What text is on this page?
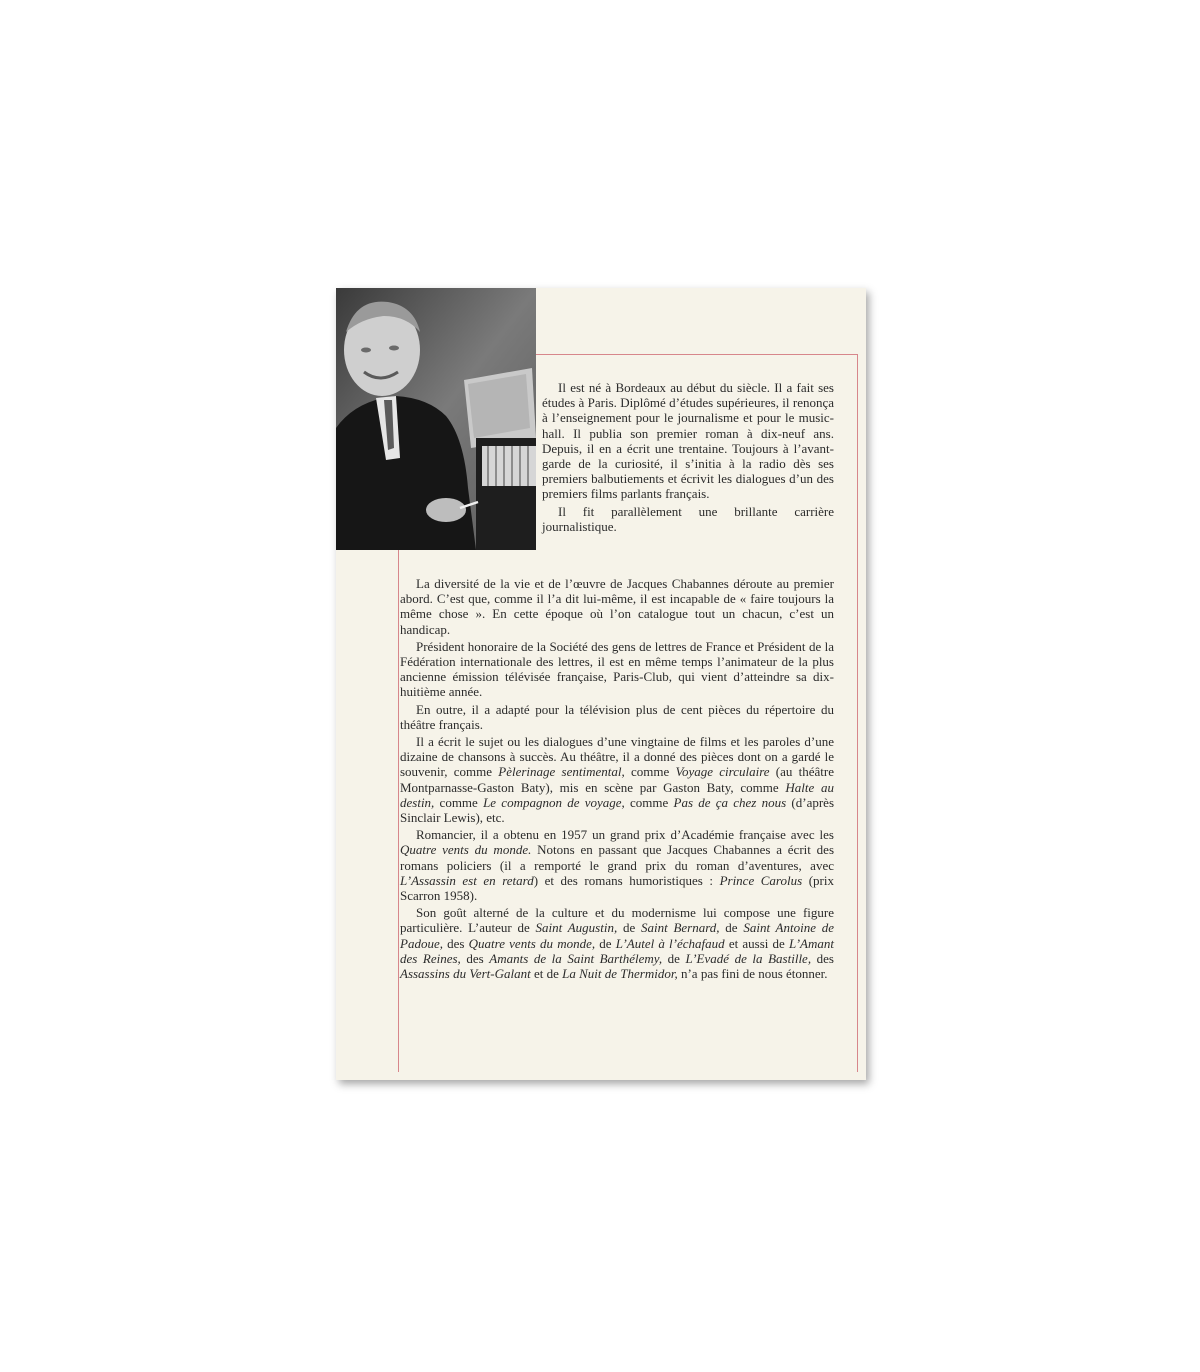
Il est né à Bordeaux au début du siècle. Il a fait ses études à Paris. Diplômé d’études supérieures, il renonça à l’enseignement pour le journalisme et pour le music-hall. Il publia son premier roman à dix-neuf ans. Depuis, il en a écrit une trentaine. Toujours à l’avant-garde de la curiosité, il s’initia à la radio dès ses premiers balbutiements et écrivit les dialogues d’un des premiers films parlants français.

Il fit parallèlement une brillante carrière journalistique.

La diversité de la vie et de l’œuvre de Jacques Chabannes déroute au premier abord. C’est que, comme il l’a dit lui-même, il est incapable de « faire toujours la même chose ». En cette époque où l’on catalogue tout un chacun, c’est un handicap.

Président honoraire de la Société des gens de lettres de France et Président de la Fédération internationale des lettres, il est en même temps l’animateur de la plus ancienne émission télévisée française, Paris-Club, qui vient d’atteindre sa dix-huitième année.

En outre, il a adapté pour la télévision plus de cent pièces du répertoire du théâtre français.

Il a écrit le sujet ou les dialogues d’une vingtaine de films et les paroles d’une dizaine de chansons à succès. Au théâtre, il a donné des pièces dont on a gardé le souvenir, comme Pèlerinage sentimental, comme Voyage circulaire (au théâtre Montparnasse-Gaston Baty), mis en scène par Gaston Baty, comme Halte au destin, comme Le compagnon de voyage, comme Pas de ça chez nous (d’après Sinclair Lewis), etc.

Romancier, il a obtenu en 1957 un grand prix d’Académie française avec les Quatre vents du monde. Notons en passant que Jacques Chabannes a écrit des romans policiers (il a remporté le grand prix du roman d’aventures, avec L’Assassin est en retard) et des romans humoristiques : Prince Carolus (prix Scarron 1958).

Son goût alterné de la culture et du modernisme lui compose une figure particulière. L’auteur de Saint Augustin, de Saint Bernard, de Saint Antoine de Padoue, des Quatre vents du monde, de L’Autel à l’échafaud et aussi de L’Amant des Reines, des Amants de la Saint Barthélemy, de L’Evadé de la Bastille, des Assassins du Vert-Galant et de La Nuit de Thermidor, n’a pas fini de nous étonner.
